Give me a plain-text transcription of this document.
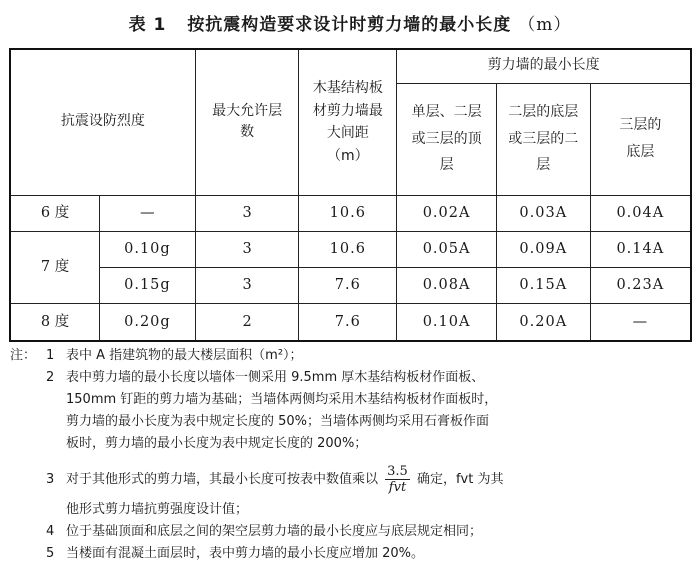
表 1 按抗震构造要求设计时剪力墙的最小长度 （m）
抗震设防烈度		最大允许层数	木基结构板材剪力墙最大间距（m）	剪力墙的最小长度		
				单层、二层或三层的顶层	二层的底层或三层的二层	三层的底层
6 度	—	3	10.6	0.02A	0.03A	0.04A
7 度	0.10g	3	10.6	0.05A	0.09A	0.14A
	0.15g	3	7.6	0.08A	0.15A	0.23A
8 度	0.20g	2	7.6	0.10A	0.20A	—
注： 1 表中 A 指建筑物的最大楼层面积（m²）；
2 表中剪力墙的最小长度以墙体一侧采用 9.5mm 厚木基结构板材作面板、
150mm 钉距的剪力墙为基础；当墙体两侧均采用木基结构板材作面板时，
剪力墙的最小长度为表中规定长度的 50%；当墙体两侧均采用石膏板作面
板时，剪力墙的最小长度为表中规定长度的 200%；
3 对于其他形式的剪力墙，其最小长度可按表中数值乘以 $\frac{3.5}{\text{fvt}}$ 确定，fvt 为其
他形式剪力墙抗剪强度设计值；
4 位于基础顶面和底层之间的架空层剪力墙的最小长度应与底层规定相同；
5 当楼面有混凝土面层时，表中剪力墙的最小长度应增加 20%。
